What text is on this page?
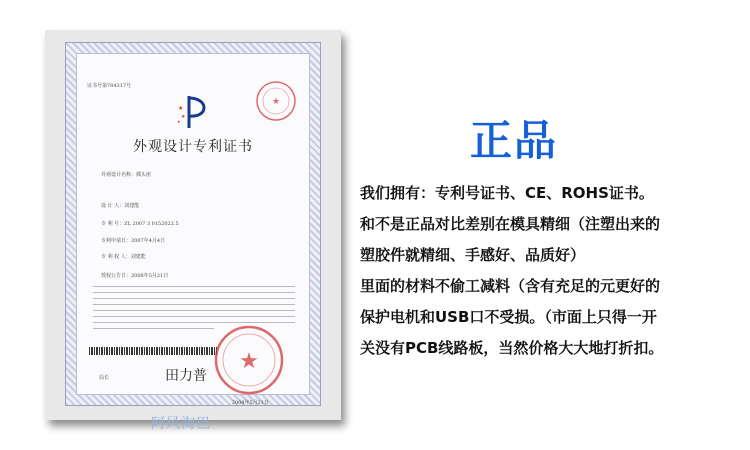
证书号第784317号
★
★
★
★
外观设计专利证书
外观设计名称：插头座
设 计 人：刘建能
专 利 号：ZL 2007 3 0152022.5
专利申请日：2007年4月4日
专 利 权 人：刘建能
授权公告日：2008年5月21日
局长	田力普
★
2008年5月21日
阿风淘巴
正品
我们拥有：专利号证书、CE、ROHS证书。
和不是正品对比差别在模具精细（注塑出来的
塑胶件就精细、手感好、品质好）
里面的材料不偷工减料（含有充足的元更好的
保护电机和USB口不受损。（市面上只得一开
关没有PCB线路板，当然价格大大地打折扣。
